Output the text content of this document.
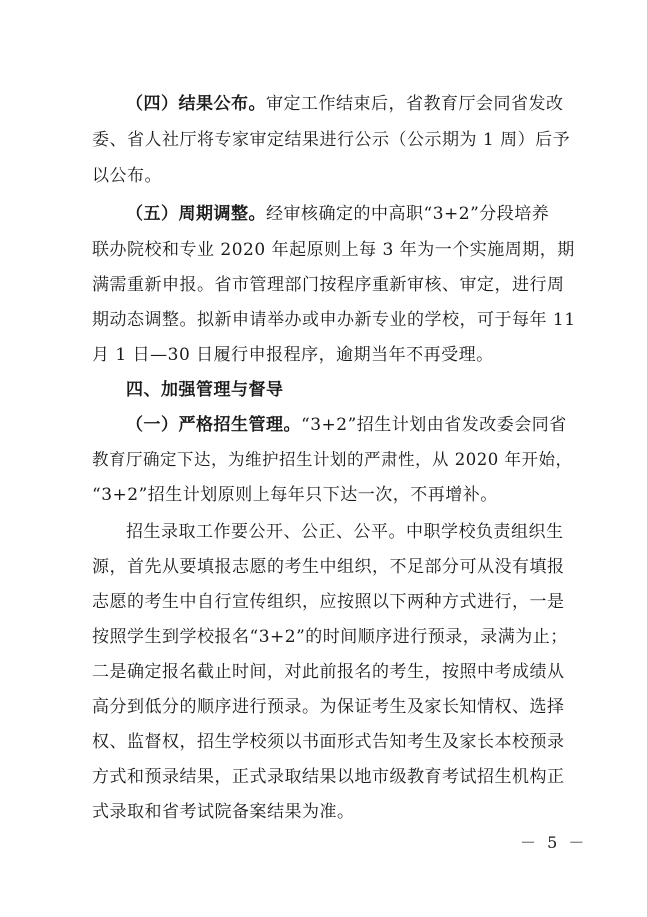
（四）结果公布。审定工作结束后，省教育厅会同省发改
委、省人社厅将专家审定结果进行公示（公示期为 1 周）后予
以公布。
（五）周期调整。经审核确定的中高职“3+2”分段培养
联办院校和专业 2020 年起原则上每 3 年为一个实施周期，期
满需重新申报。省市管理部门按程序重新审核、审定，进行周
期动态调整。拟新申请举办或申办新专业的学校，可于每年 11
月 1 日—30 日履行申报程序，逾期当年不再受理。
四、加强管理与督导
（一）严格招生管理。“3+2”招生计划由省发改委会同省
教育厅确定下达，为维护招生计划的严肃性，从 2020 年开始，
“3+2”招生计划原则上每年只下达一次，不再增补。
招生录取工作要公开、公正、公平。中职学校负责组织生
源，首先从要填报志愿的考生中组织，不足部分可从没有填报
志愿的考生中自行宣传组织，应按照以下两种方式进行，一是
按照学生到学校报名“3+2”的时间顺序进行预录，录满为止；
二是确定报名截止时间，对此前报名的考生，按照中考成绩从
高分到低分的顺序进行预录。为保证考生及家长知情权、选择
权、监督权，招生学校须以书面形式告知考生及家长本校预录
方式和预录结果，正式录取结果以地市级教育考试招生机构正
式录取和省考试院备案结果为准。
－ 5 －
